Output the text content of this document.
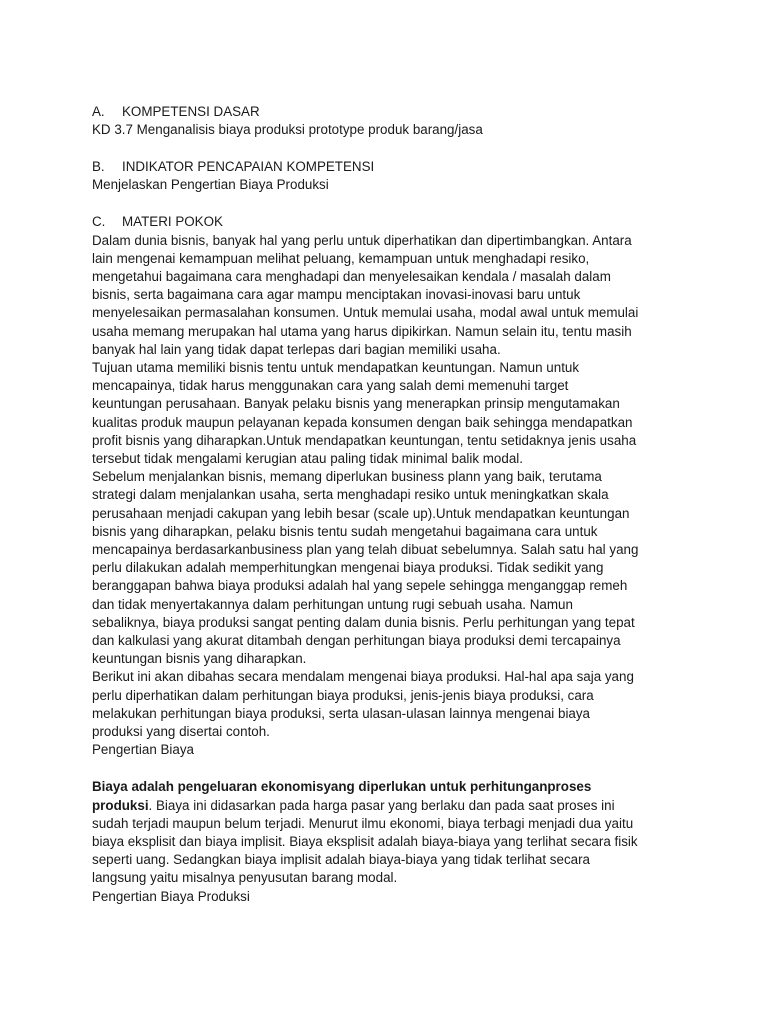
A.	KOMPETENSI DASAR

KD 3.7 Menganalisis biaya produksi prototype produk barang/jasa

B.	INDIKATOR PENCAPAIAN KOMPETENSI

Menjelaskan Pengertian Biaya Produksi

C.	MATERI POKOK

Dalam dunia bisnis, banyak hal yang perlu untuk diperhatikan dan dipertimbangkan. Antara

lain mengenai kemampuan melihat peluang, kemampuan untuk menghadapi resiko,

mengetahui bagaimana cara menghadapi dan menyelesaikan kendala / masalah dalam

bisnis, serta bagaimana cara agar mampu menciptakan inovasi-inovasi baru untuk

menyelesaikan permasalahan konsumen. Untuk memulai usaha, modal awal untuk memulai

usaha memang merupakan hal utama yang harus dipikirkan. Namun selain itu, tentu masih

banyak hal lain yang tidak dapat terlepas dari bagian memiliki usaha.

Tujuan utama memiliki bisnis tentu untuk mendapatkan keuntungan. Namun untuk

mencapainya, tidak harus menggunakan cara yang salah demi memenuhi target

keuntungan perusahaan. Banyak pelaku bisnis yang menerapkan prinsip mengutamakan

kualitas produk maupun pelayanan kepada konsumen dengan baik sehingga mendapatkan

profit bisnis yang diharapkan.Untuk mendapatkan keuntungan, tentu setidaknya jenis usaha

tersebut tidak mengalami kerugian atau paling tidak minimal balik modal.

Sebelum menjalankan bisnis, memang diperlukan business plann yang baik, terutama

strategi dalam menjalankan usaha, serta menghadapi resiko untuk meningkatkan skala

perusahaan menjadi cakupan yang lebih besar (scale up).Untuk mendapatkan keuntungan

bisnis yang diharapkan, pelaku bisnis tentu sudah mengetahui bagaimana cara untuk

mencapainya berdasarkanbusiness plan yang telah dibuat sebelumnya. Salah satu hal yang

perlu dilakukan adalah memperhitungkan mengenai biaya produksi. Tidak sedikit yang

beranggapan bahwa biaya produksi adalah hal yang sepele sehingga menganggap remeh

dan tidak menyertakannya dalam perhitungan untung rugi sebuah usaha. Namun

sebaliknya, biaya produksi sangat penting dalam dunia bisnis. Perlu perhitungan yang tepat

dan kalkulasi yang akurat ditambah dengan perhitungan biaya produksi demi tercapainya

keuntungan bisnis yang diharapkan.

Berikut ini akan dibahas secara mendalam mengenai biaya produksi. Hal-hal apa saja yang

perlu diperhatikan dalam perhitungan biaya produksi, jenis-jenis biaya produksi, cara

melakukan perhitungan biaya produksi, serta ulasan-ulasan lainnya mengenai biaya

produksi yang disertai contoh.

Pengertian Biaya

Biaya adalah pengeluaran ekonomisyang diperlukan untuk perhitunganproses

produksi. Biaya ini didasarkan pada harga pasar yang berlaku dan pada saat proses ini

sudah terjadi maupun belum terjadi. Menurut ilmu ekonomi, biaya terbagi menjadi dua yaitu

biaya eksplisit dan biaya implisit. Biaya eksplisit adalah biaya-biaya yang terlihat secara fisik

seperti uang. Sedangkan biaya implisit adalah biaya-biaya yang tidak terlihat secara

langsung yaitu misalnya penyusutan barang modal.

Pengertian Biaya Produksi
